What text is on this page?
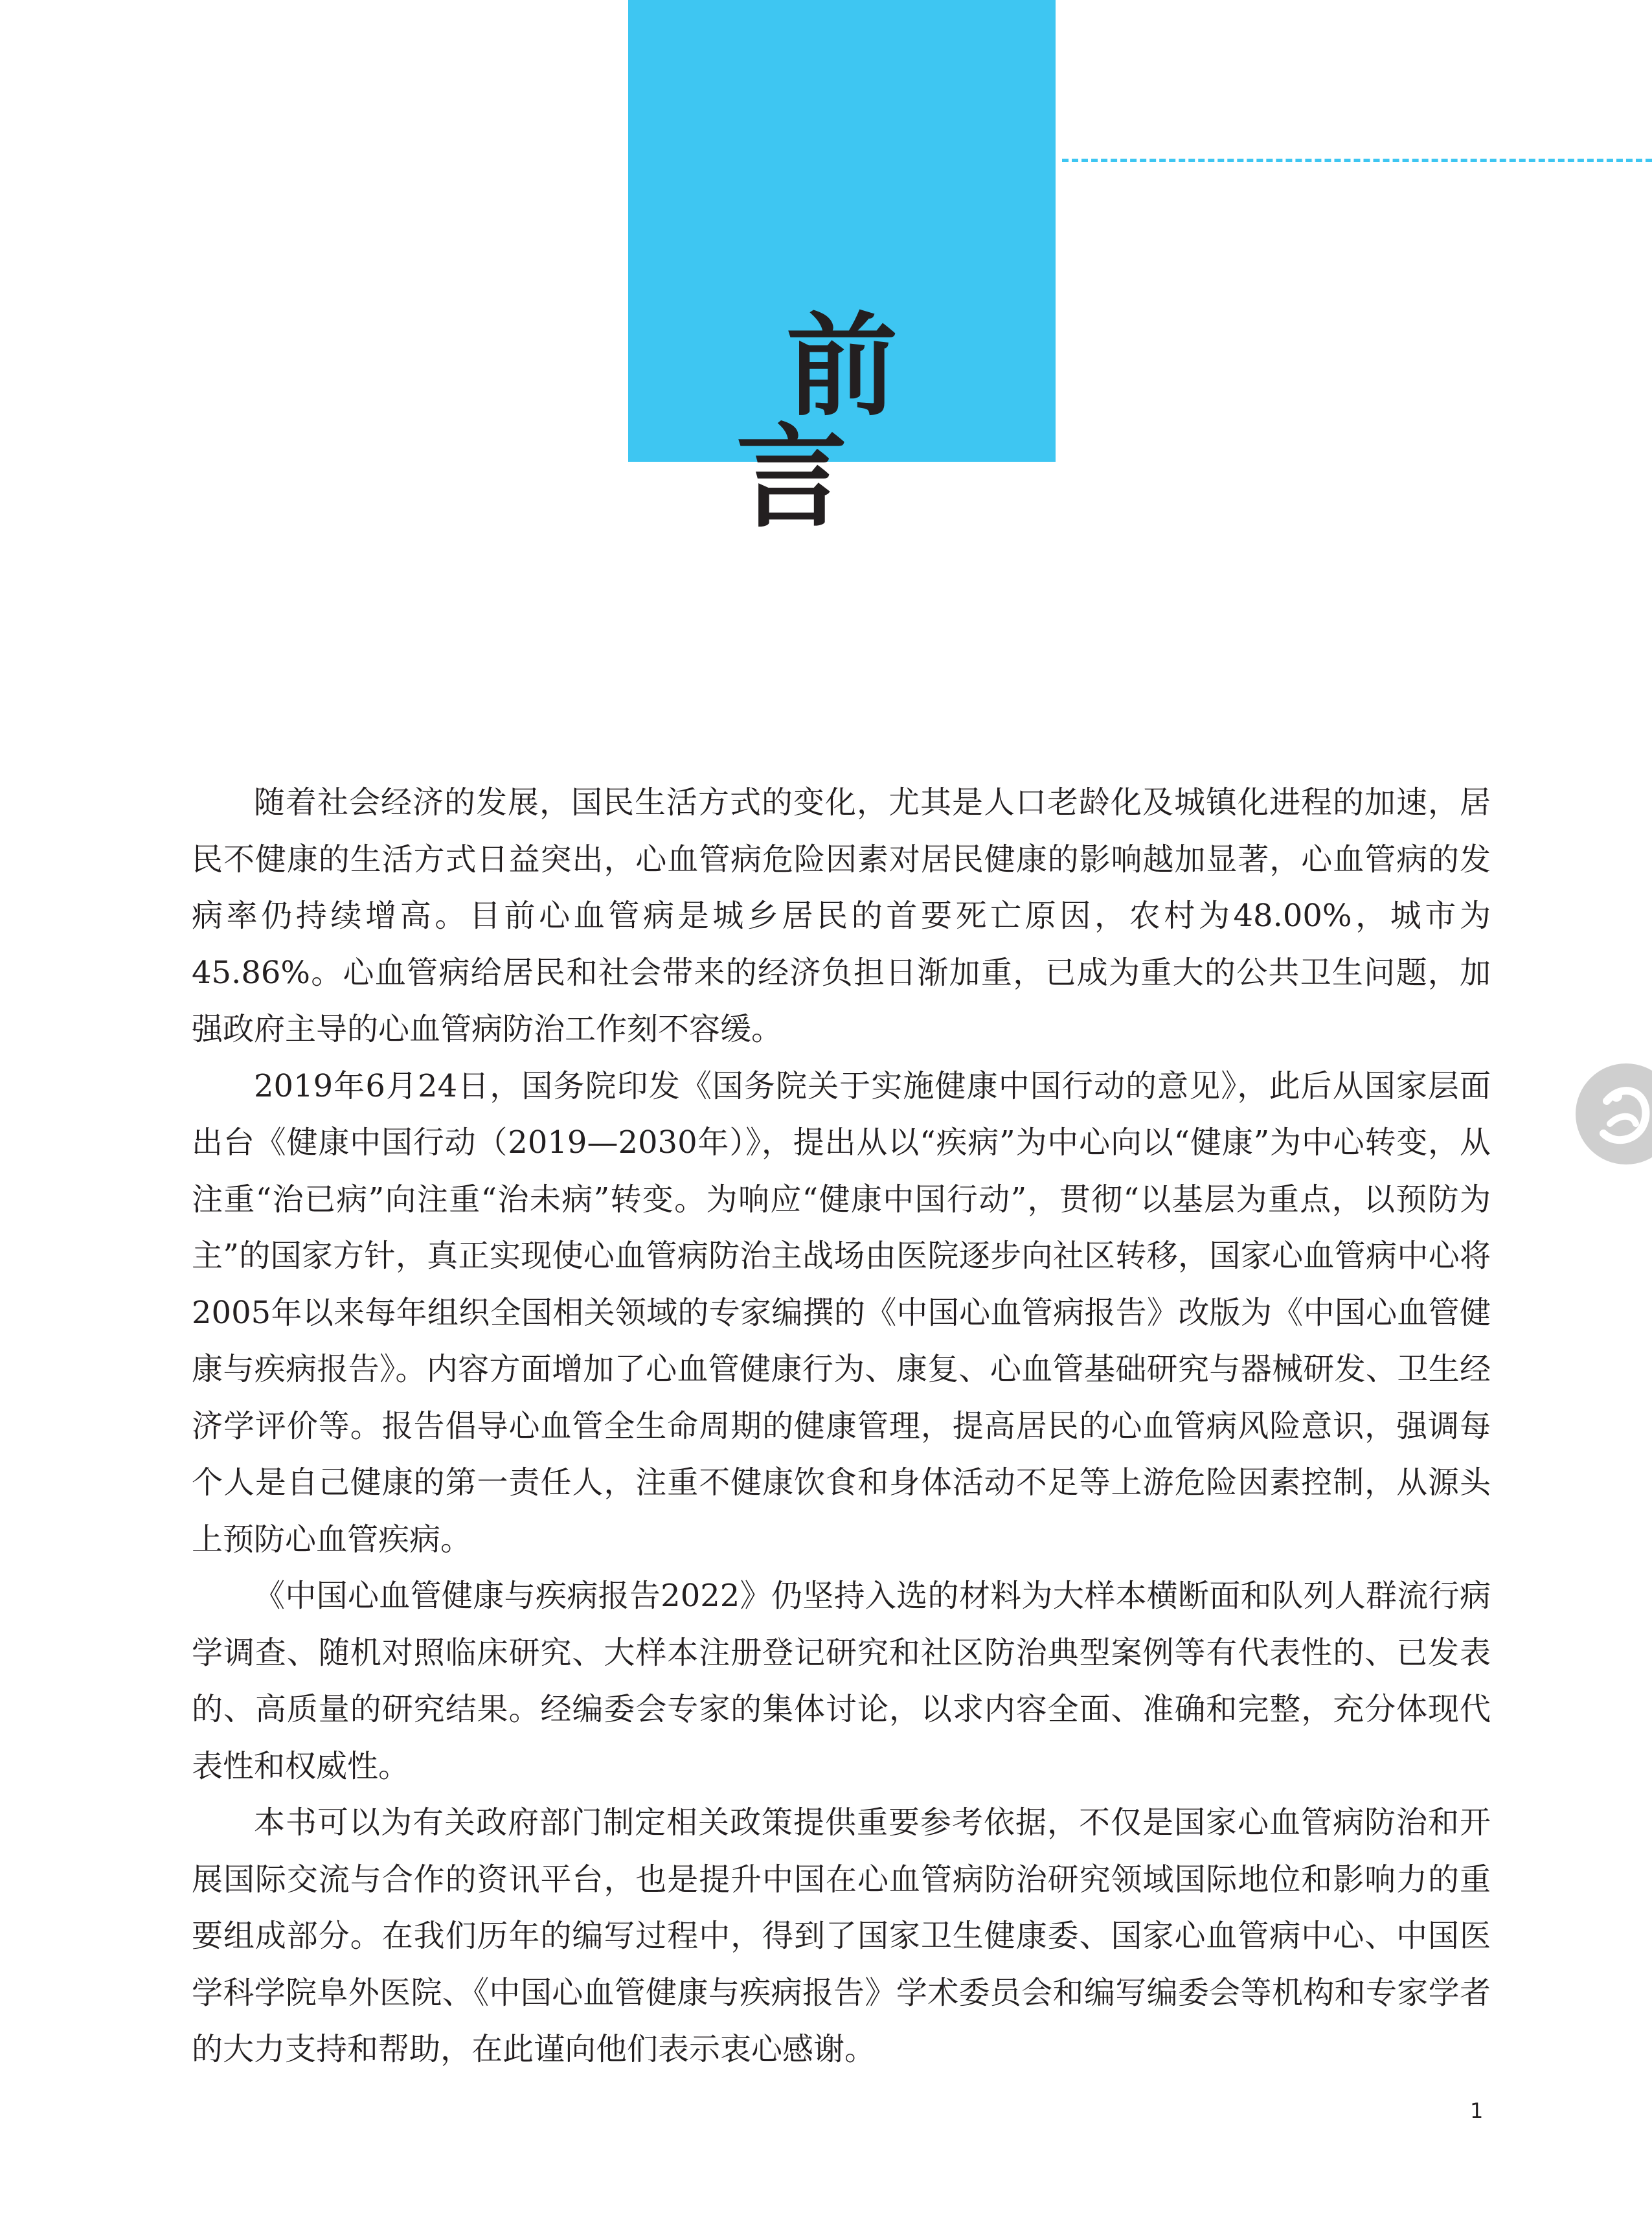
前言

随着社会经济的发展，国民生活方式的变化，尤其是人口老龄化及城镇化进程的加速，居民不健康的生活方式日益突出，心血管病危险因素对居民健康的影响越加显著，心血管病的发病率仍持续增高。目前心血管病是城乡居民的首要死亡原因，农村为48.00%，城市为45.86%。心血管病给居民和社会带来的经济负担日渐加重，已成为重大的公共卫生问题，加强政府主导的心血管病防治工作刻不容缓。

2019年6月24日，国务院印发《国务院关于实施健康中国行动的意见》，此后从国家层面出台《健康中国行动（2019—2030年）》，提出从以“疾病”为中心向以“健康”为中心转变，从注重“治已病”向注重“治未病”转变。为响应“健康中国行动”，贯彻“以基层为重点，以预防为主”的国家方针，真正实现使心血管病防治主战场由医院逐步向社区转移，国家心血管病中心将2005年以来每年组织全国相关领域的专家编撰的《中国心血管病报告》改版为《中国心血管健康与疾病报告》。内容方面增加了心血管健康行为、康复、心血管基础研究与器械研发、卫生经济学评价等。报告倡导心血管全生命周期的健康管理，提高居民的心血管病风险意识，强调每个人是自己健康的第一责任人，注重不健康饮食和身体活动不足等上游危险因素控制，从源头上预防心血管疾病。

《中国心血管健康与疾病报告2022》仍坚持入选的材料为大样本横断面和队列人群流行病学调查、随机对照临床研究、大样本注册登记研究和社区防治典型案例等有代表性的、已发表的、高质量的研究结果。经编委会专家的集体讨论，以求内容全面、准确和完整，充分体现代表性和权威性。

本书可以为有关政府部门制定相关政策提供重要参考依据，不仅是国家心血管病防治和开展国际交流与合作的资讯平台，也是提升中国在心血管病防治研究领域国际地位和影响力的重要组成部分。在我们历年的编写过程中，得到了国家卫生健康委、国家心血管病中心、中国医学科学院阜外医院、《中国心血管健康与疾病报告》学术委员会和编写编委会等机构和专家学者的大力支持和帮助，在此谨向他们表示衷心感谢。

1
